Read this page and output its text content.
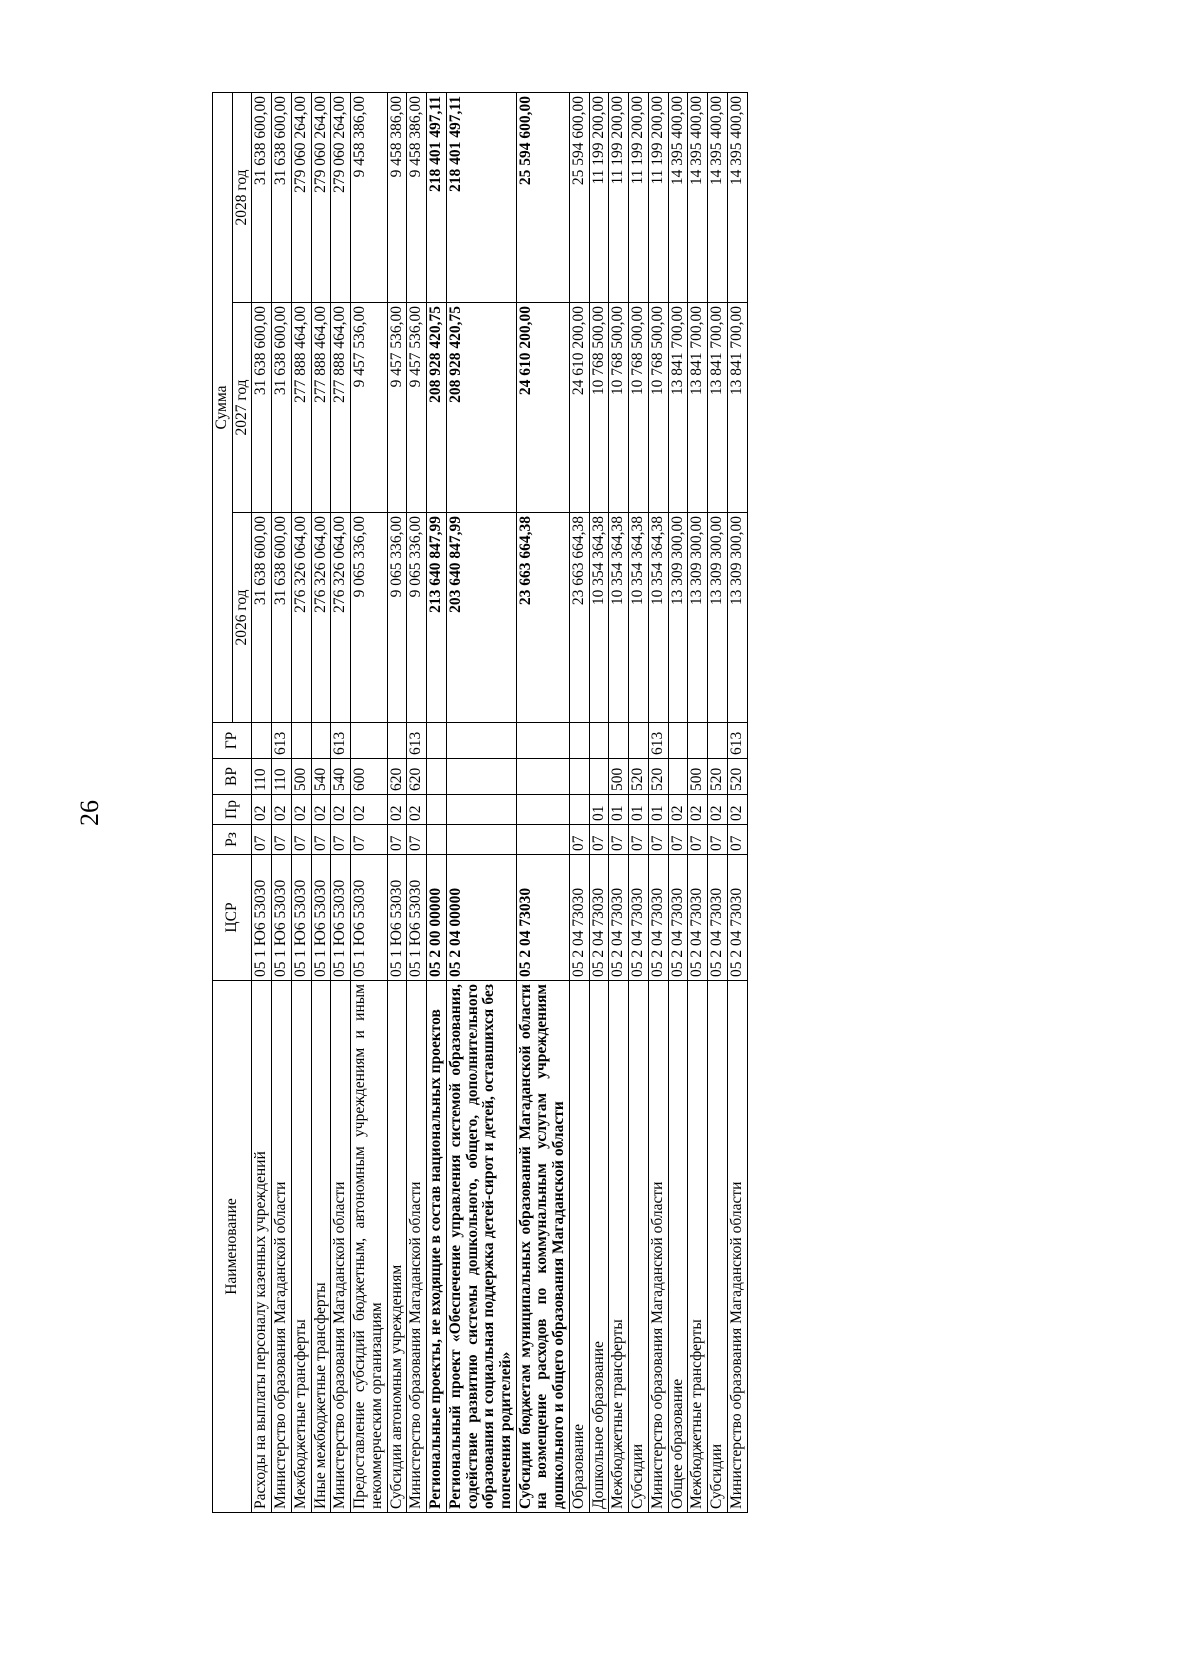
26
Наименование	ЦСР	Рз	Пр	ВР	ГР	Сумма		
						2026 год	2027 год	2028 год
Расходы на выплаты персоналу казенных учреждений	05 1 Ю6 53030	07	02	110		31 638 600,00	31 638 600,00	31 638 600,00
Министерство образования Магаданской области	05 1 Ю6 53030	07	02	110	613	31 638 600,00	31 638 600,00	31 638 600,00
Межбюджетные трансферты	05 1 Ю6 53030	07	02	500		276 326 064,00	277 888 464,00	279 060 264,00
Иные межбюджетные трансферты	05 1 Ю6 53030	07	02	540		276 326 064,00	277 888 464,00	279 060 264,00
Министерство образования Магаданской области	05 1 Ю6 53030	07	02	540	613	276 326 064,00	277 888 464,00	279 060 264,00
Предоставление субсидий бюджетным, автономным учреждениям и иным некоммерческим организациям	05 1 Ю6 53030	07	02	600		9 065 336,00	9 457 536,00	9 458 386,00
Субсидии автономным учреждениям	05 1 Ю6 53030	07	02	620		9 065 336,00	9 457 536,00	9 458 386,00
Министерство образования Магаданской области	05 1 Ю6 53030	07	02	620	613	9 065 336,00	9 457 536,00	9 458 386,00
Региональные проекты, не входящие в состав национальных проектов	05 2 00 00000					213 640 847,99	208 928 420,75	218 401 497,11
Региональный проект «Обеспечение управления системой образования, содействие развитию системы дошкольного, общего, дополнительного образования и социальная поддержка детей-сирот и детей, оставшихся без попечения родителей»	05 2 04 00000					203 640 847,99	208 928 420,75	218 401 497,11
Субсидии бюджетам муниципальных образований Магаданской области на возмещение расходов по коммунальным услугам учреждениям дошкольного и общего образования Магаданской области	05 2 04 73030					23 663 664,38	24 610 200,00	25 594 600,00
Образование	05 2 04 73030	07				23 663 664,38	24 610 200,00	25 594 600,00
Дошкольное образование	05 2 04 73030	07	01			10 354 364,38	10 768 500,00	11 199 200,00
Межбюджетные трансферты	05 2 04 73030	07	01	500		10 354 364,38	10 768 500,00	11 199 200,00
Субсидии	05 2 04 73030	07	01	520		10 354 364,38	10 768 500,00	11 199 200,00
Министерство образования Магаданской области	05 2 04 73030	07	01	520	613	10 354 364,38	10 768 500,00	11 199 200,00
Общее образование	05 2 04 73030	07	02			13 309 300,00	13 841 700,00	14 395 400,00
Межбюджетные трансферты	05 2 04 73030	07	02	500		13 309 300,00	13 841 700,00	14 395 400,00
Субсидии	05 2 04 73030	07	02	520		13 309 300,00	13 841 700,00	14 395 400,00
Министерство образования Магаданской области	05 2 04 73030	07	02	520	613	13 309 300,00	13 841 700,00	14 395 400,00
